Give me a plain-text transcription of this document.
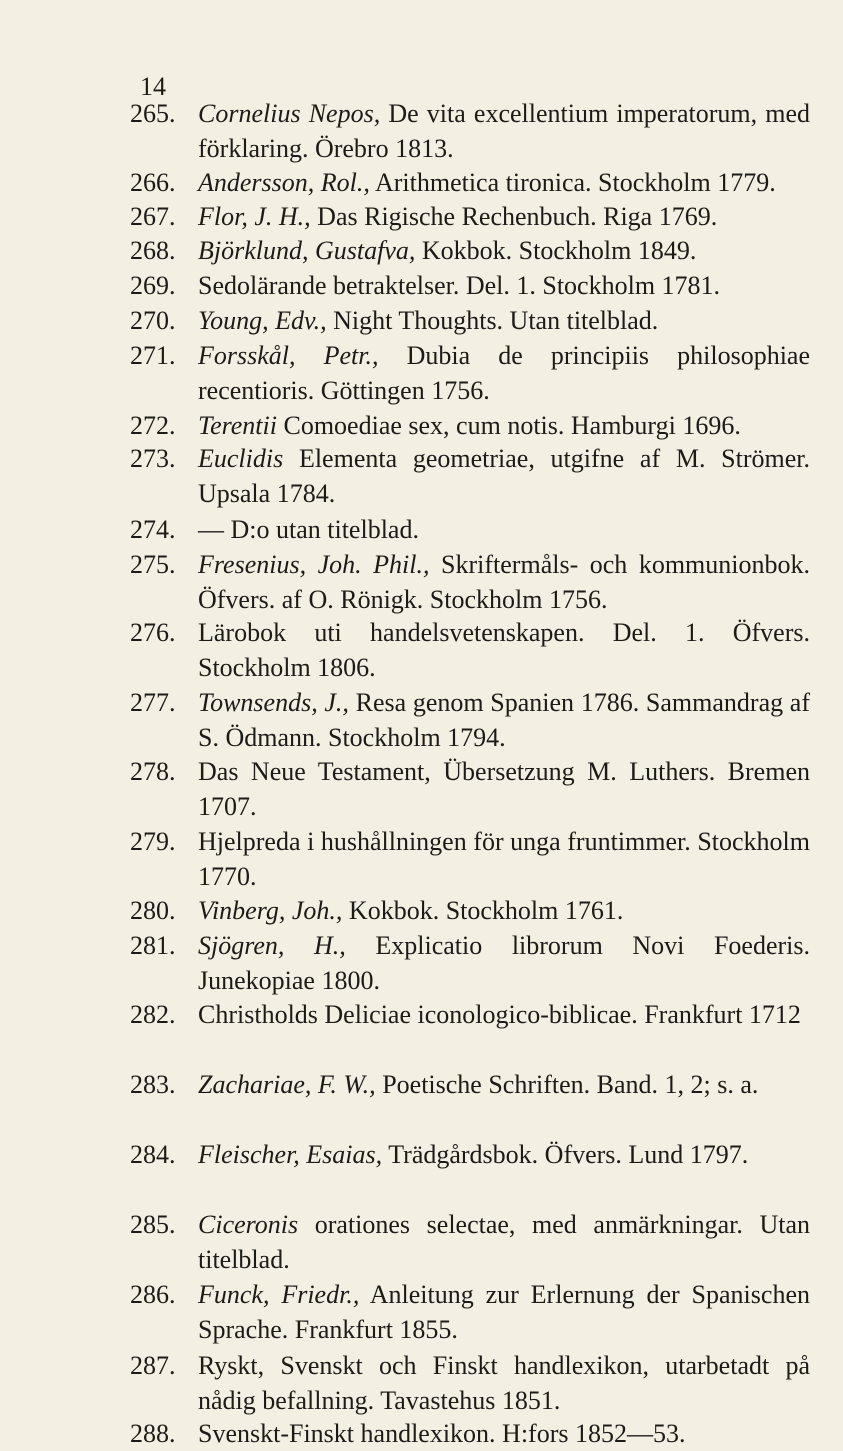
14
265. Cornelius Nepos, De vita excellentium imperatorum, med förklaring. Örebro 1813.
266. Andersson, Rol., Arithmetica tironica. Stockholm 1779.
267. Flor, J. H., Das Rigische Rechenbuch. Riga 1769.
268. Björklund, Gustafva, Kokbok. Stockholm 1849.
269. Sedolärande betraktelser. Del. 1. Stockholm 1781.
270. Young, Edv., Night Thoughts. Utan titelblad.
271. Forsskål, Petr., Dubia de principiis philosophiae recentioris. Göttingen 1756.
272. Terentii Comoediae sex, cum notis. Hamburgi 1696.
273. Euclidis Elementa geometriae, utgifne af M. Strömer. Upsala 1784.
274. — D:o utan titelblad.
275. Fresenius, Joh. Phil., Skriftermåls- och kommunionbok. Öfvers. af O. Rönigk. Stockholm 1756.
276. Lärobok uti handelsvetenskapen. Del. 1. Öfvers. Stockholm 1806.
277. Townsends, J., Resa genom Spanien 1786. Sammandrag af S. Ödmann. Stockholm 1794.
278. Das Neue Testament, Übersetzung M. Luthers. Bremen 1707.
279. Hjelpreda i hushållningen för unga fruntimmer. Stockholm 1770.
280. Vinberg, Joh., Kokbok. Stockholm 1761.
281. Sjögren, H., Explicatio librorum Novi Foederis. Junekopiae 1800.
282. Christholds Deliciae iconologico-biblicae. Frankfurt 1712
283. Zachariae, F. W., Poetische Schriften. Band. 1, 2; s. a.
284. Fleischer, Esaias, Trädgårdsbok. Öfvers. Lund 1797.
285. Ciceronis orationes selectae, med anmärkningar. Utan titelblad.
286. Funck, Friedr., Anleitung zur Erlernung der Spanischen Sprache. Frankfurt 1855.
287. Ryskt, Svenskt och Finskt handlexikon, utarbetadt på nådig befallning. Tavastehus 1851.
288. Svenskt-Finskt handlexikon. H:fors 1852—53.
